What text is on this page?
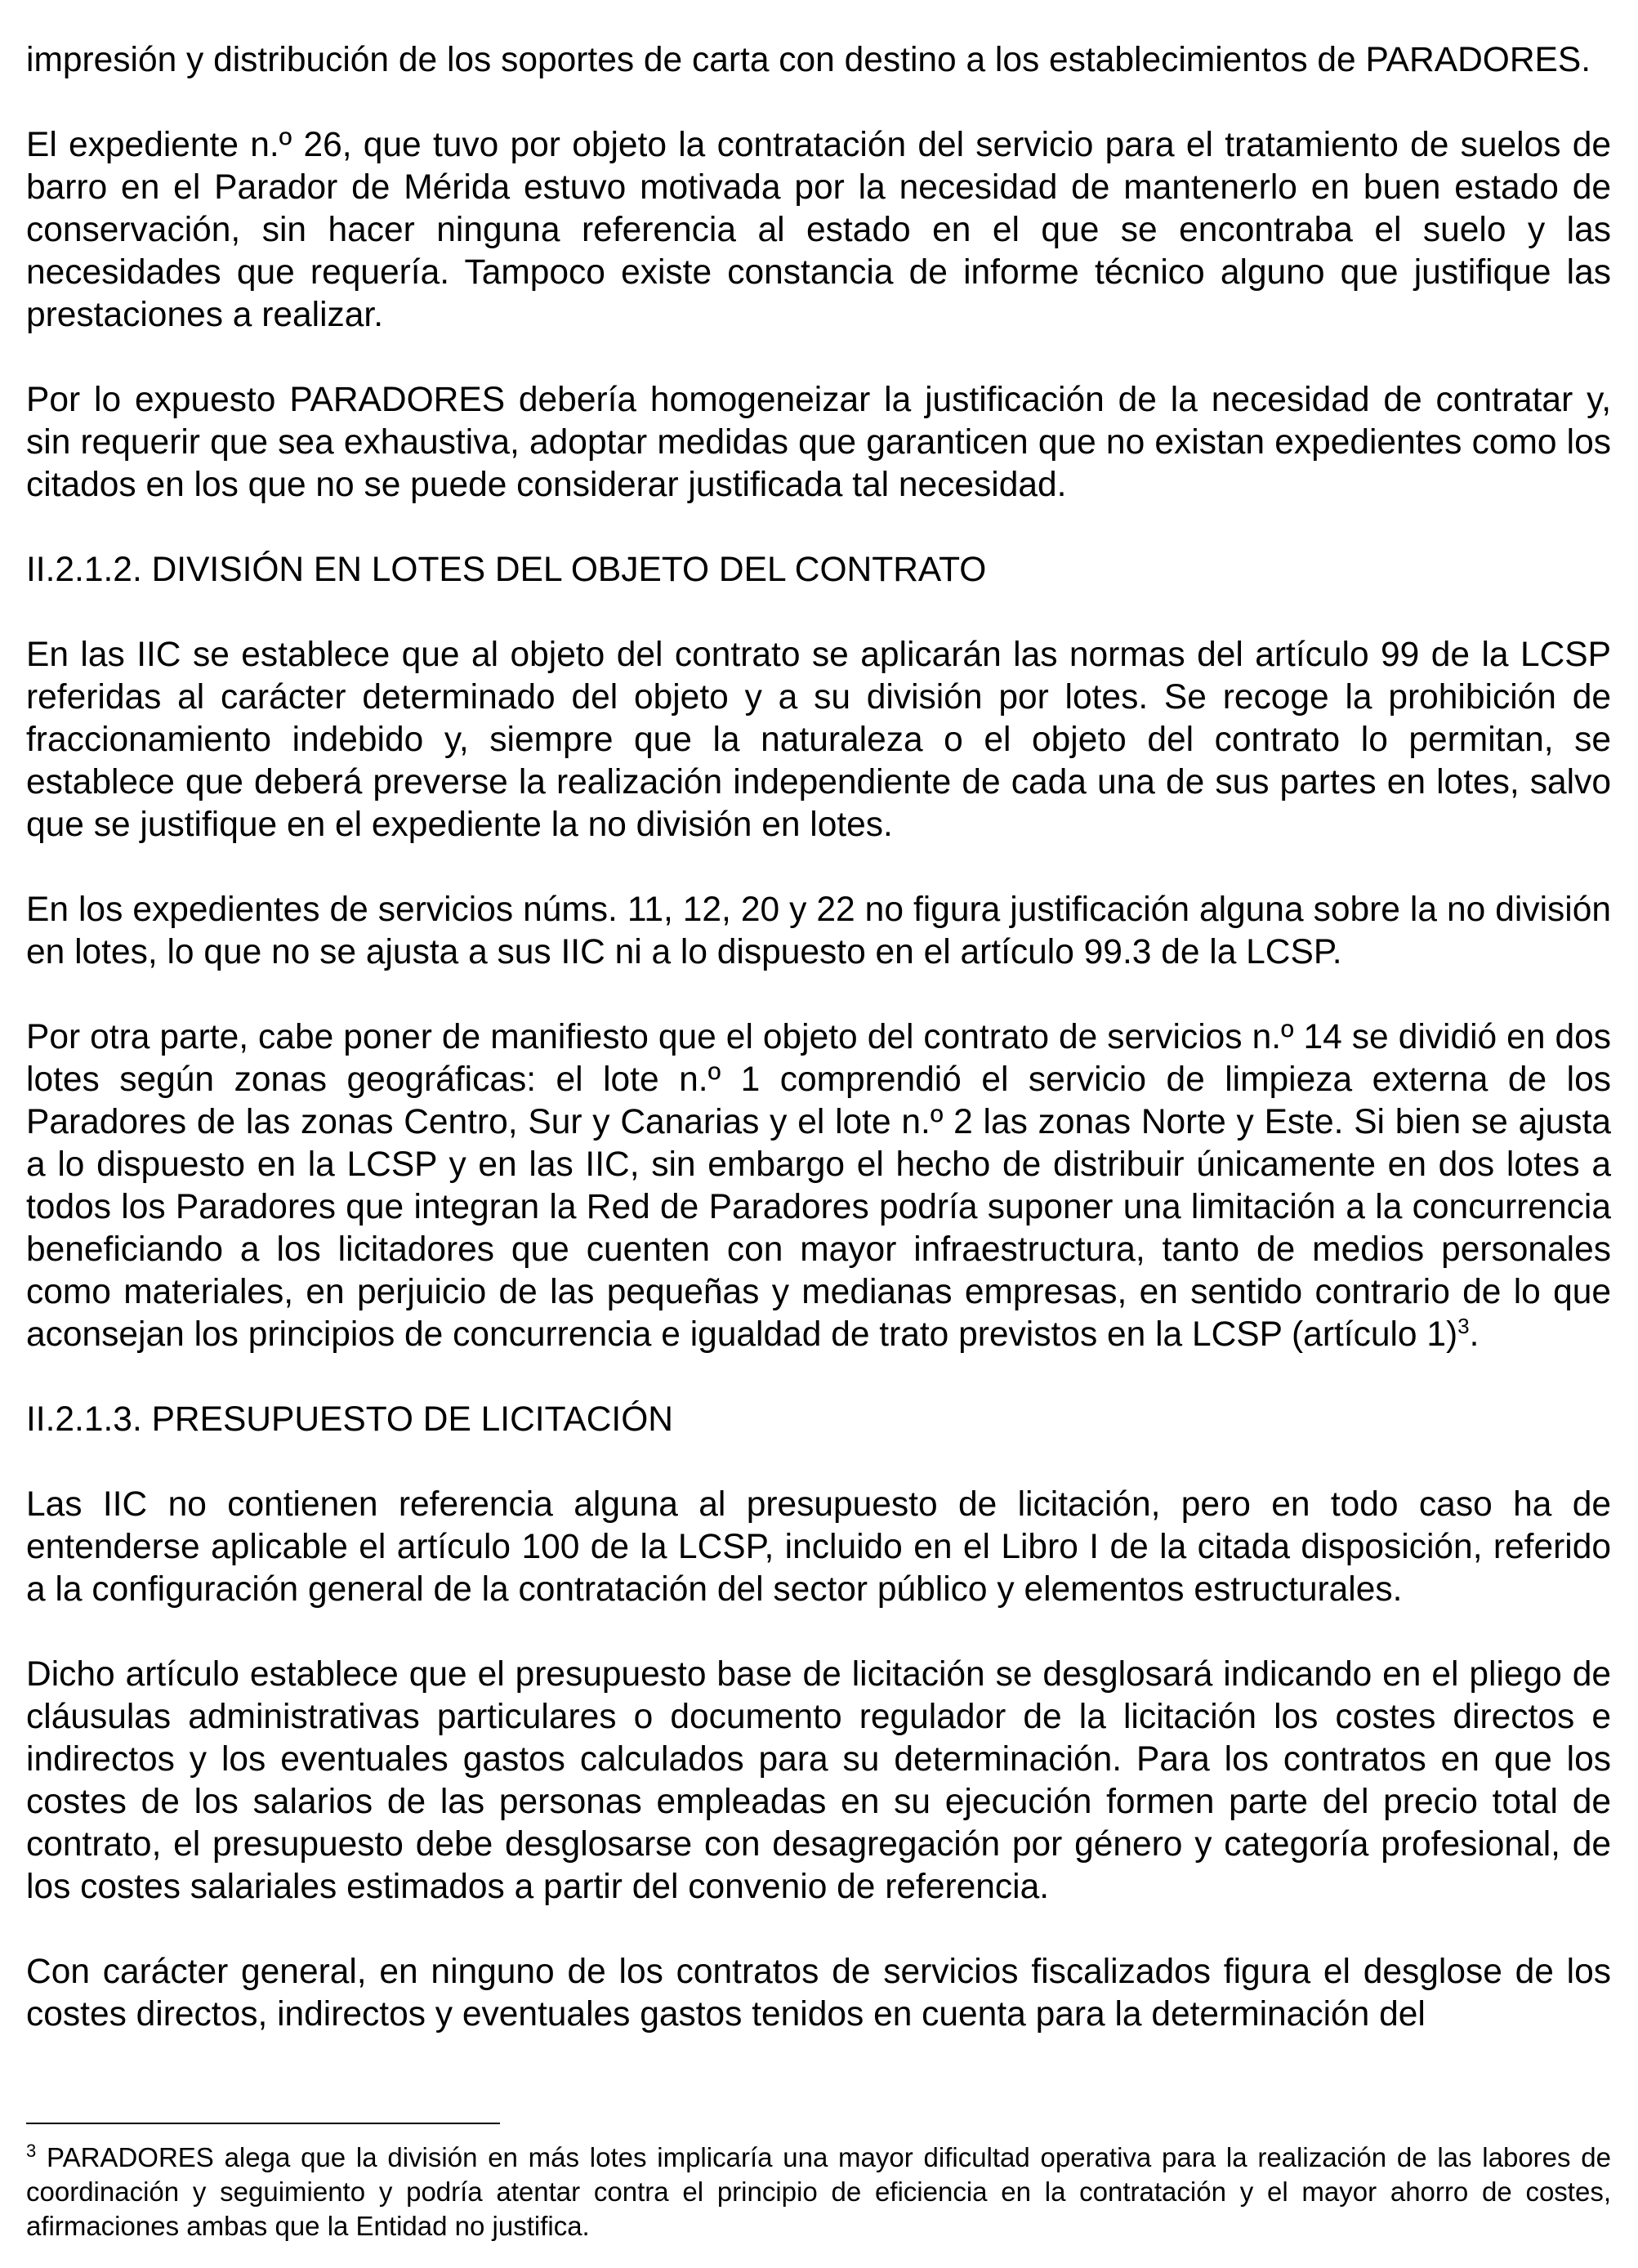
impresión y distribución de los soportes de carta con destino a los establecimientos de PARADORES.

El expediente n.º 26, que tuvo por objeto la contratación del servicio para el tratamiento de suelos de barro en el Parador de Mérida estuvo motivada por la necesidad de mantenerlo en buen estado de conservación, sin hacer ninguna referencia al estado en el que se encontraba el suelo y las necesidades que requería. Tampoco existe constancia de informe técnico alguno que justifique las prestaciones a realizar.

Por lo expuesto PARADORES debería homogeneizar la justificación de la necesidad de contratar y, sin requerir que sea exhaustiva, adoptar medidas que garanticen que no existan expedientes como los citados en los que no se puede considerar justificada tal necesidad.

II.2.1.2. DIVISIÓN EN LOTES DEL OBJETO DEL CONTRATO

En las IIC se establece que al objeto del contrato se aplicarán las normas del artículo 99 de la LCSP referidas al carácter determinado del objeto y a su división por lotes. Se recoge la prohibición de fraccionamiento indebido y, siempre que la naturaleza o el objeto del contrato lo permitan, se establece que deberá preverse la realización independiente de cada una de sus partes en lotes, salvo que se justifique en el expediente la no división en lotes.

En los expedientes de servicios núms. 11, 12, 20 y 22 no figura justificación alguna sobre la no división en lotes, lo que no se ajusta a sus IIC ni a lo dispuesto en el artículo 99.3 de la LCSP.

Por otra parte, cabe poner de manifiesto que el objeto del contrato de servicios n.º 14 se dividió en dos lotes según zonas geográficas: el lote n.º 1 comprendió el servicio de limpieza externa de los Paradores de las zonas Centro, Sur y Canarias y el lote n.º 2 las zonas Norte y Este. Si bien se ajusta a lo dispuesto en la LCSP y en las IIC, sin embargo el hecho de distribuir únicamente en dos lotes a todos los Paradores que integran la Red de Paradores podría suponer una limitación a la concurrencia beneficiando a los licitadores que cuenten con mayor infraestructura, tanto de medios personales como materiales, en perjuicio de las pequeñas y medianas empresas, en sentido contrario de lo que aconsejan los principios de concurrencia e igualdad de trato previstos en la LCSP (artículo 1)$^3$.

II.2.1.3. PRESUPUESTO DE LICITACIÓN

Las IIC no contienen referencia alguna al presupuesto de licitación, pero en todo caso ha de entenderse aplicable el artículo 100 de la LCSP, incluido en el Libro I de la citada disposición, referido a la configuración general de la contratación del sector público y elementos estructurales.

Dicho artículo establece que el presupuesto base de licitación se desglosará indicando en el pliego de cláusulas administrativas particulares o documento regulador de la licitación los costes directos e indirectos y los eventuales gastos calculados para su determinación. Para los contratos en que los costes de los salarios de las personas empleadas en su ejecución formen parte del precio total de contrato, el presupuesto debe desglosarse con desagregación por género y categoría profesional, de los costes salariales estimados a partir del convenio de referencia.

Con carácter general, en ninguno de los contratos de servicios fiscalizados figura el desglose de los costes directos, indirectos y eventuales gastos tenidos en cuenta para la determinación del

$^3$ PARADORES alega que la división en más lotes implicaría una mayor dificultad operativa para la realización de las labores de coordinación y seguimiento y podría atentar contra el principio de eficiencia en la contratación y el mayor ahorro de costes, afirmaciones ambas que la Entidad no justifica.
